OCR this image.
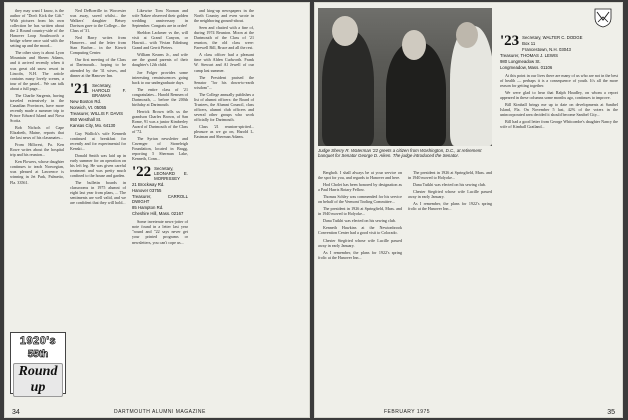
they may want I know, is the author of "Don't Kick the Gift." With pictures from his own collection he has written about the 2 Round country-side of the Hanover Loop Southworth a bridge where once said with the setting up and the mood...

The other story is about Lyon Mountain and Sherm Adams, and it arrived recently when it was great old snow resort in Lincoln, N.H. The article contains many lovely scenes, a tour of the pastel... We can talk about a full page...

The Charlie Sargents, having traveled extensively in the Canadian Provinces, have more recently made a summer trip to Prince Edward Island and Nova Scotia.

Bob Nichols of Cape Elizabeth, Maine, reports that the last news of his classmates...

From Hillcrest, Pa. Ken Rowe writes about the hospital trip and his reunion...

Ken Flowers, whose daughter continues to teach Norwegian, was pleased at Lawrence is winning in Jet Park, Palmetto, Fla. 33561.

1920's
55th
Round up

Ned DeBoerille in Worcester was away, saved whilst... the Walkers' daughter Betsey Davison gave to the College... the Class of '31.

Ned Barry writes from Hanover... and the letter from Stan Bucher... in the Kiewit Computing Center.

Our first meeting of the Class at Dartmouth... hoping to be attended by the '31 wives, and dinner at the Hanover Inn.

'21 Secretary, HAROLD F. BRAMAN
New Boston Rd.
Norwich, Vt. 05055
Treasurer, WILLIS F. DAVIS
950 Westhall St.
Kansas City, Mo. 64130

Guy Wallick's wife Kenneth continued at breakfast for recently and for experimental for Kenski...

Donald Smith was laid up in early summer for an operation on his left leg. He was given careful treatment and was pretty much confined to the house and garden.

The bulletin boards in classrooms in 1975 alumni of eight last year from plans, ... The sentiments are well valid, and we are confident that they will hold...

Likewise Tom Noonan and wife Nakee observed their golden wedding anniversary in September. Congrats are in order!

Sheldon Lackmer vs the, will visit at Grand Canyon, or Hawaii... with Vivian Edinburg Grand and Gerrit Pieters.

William Kearns Jr., and wife are the grand parents of their daughter's 12th child.

Joe Folger provides some interesting reminiscences going back to our undergraduate days.

The entire class of '21 congratulates... Harold Remsen of Dartmouth, ... before the 200th birthday at Dartmouth.

Herrick Brown tells us the grandson Charles Brown, of San Rome, 91 was a junior Kimberley Award of Dartmouth of the Class of '72.

The Syrian newsletter and Cavenger of Stoneleigh Foundation, located in Bragg, reporting 5 Sherman Lake, Kenneth, Conn...

'22 Secretary, LEONARD E. MORRISSEY
21 Brockway Rd.
Hanover 03755
Treasurer, CARROLL DWIGHT
85 Hampton Rd.
Cheshire Hill, Mass. 02167

Some inveterate news-jotter of note found in a letter last year "round and "22 says never get your printed programs or newsletters, you can't cope us...

and king-up newspapers in the North Country and even wrote in the neighboring ground-about.

Seen and chatted with a fine of, during 1974 Reunion. Moon at the Dartmouth of the Class of '21 reunion, the old class were: Farewell Bill, Bruce and all the rest.

A class officer had a pleasant time with Alden Cudworth. Frank W. Stewart and Al Jewell of our camp last summer.

The President praised the Senator "for his down-to-earth wisdom"...

The College annually publishes a list of alumni officers: the Board of Trustees, the Alumni Council, class officers, alumni club officers and several other groups who work officially for Dartmouth.

Class '21 reunion-spirited... pleasure as we go on, Harold L. Eastman and Sherman Adams.

34	DARTMOUTH ALUMNI MAGAZINE
Judge Sherry R. Waterman '22 greets a citizen from Washington, D.C., at retirement banquet for Senator George D. Aiken. The judge introduced the Senator.

Bergholt. I shall always be at your service on the spot for you, and regards to Hanover and here.

Hod Cholet has been honored by designation as a Paul Harris Rotary Fellow.

Thomas Schley was commended for his service on behalf of the Vermont Tooling Committee...

The president in 1926 at Springfield, Mass. and in 1940 moved to Holyoke...

Dana Tutkhi was elected on his sewing club.

Kenneth Hawkins at the Newtonbrook Convention Center had a good visit to Colorado.

Chester Siegfried whose wife Lucille passed away in early January.

As I remember, the plans for 1922's spring frolic at the Hanover Inn...

The president in 1926 at Springfield, Mass. and in 1940 moved to Holyoke...

Dana Tutkhi was elected on his sewing club.

Chester Siegfried whose wife Lucille passed away in early January.

As I remember, the plans for 1922's spring frolic at the Hanover Inn...

'23 Secretary, WALTER C. DODGE
Box 11
Francestown, N.H. 03043
Treasurer, THOMAS J. LEWIS
980 Longmeadow St.
Longmeadow, Mass. 01106

At this point in our lives there are many of us who are not in the best of health — perhaps it is a consequence of youth. It's all the more reason for getting together.

We were glad to hear that Ralph Hoadley, on whom a report appeared in these columns some months ago, continues to improve.

Bill Kimball brings me up to date on developments at Sanibel Island, Fla. On November 5 last, 42% of the voters in the unincorporated area decided it should become Sanibel City...

Bill had a good letter from George Whitcombe's daughter Nancy the wife of Kimball Gratland...

FEBRUARY 1975	35
